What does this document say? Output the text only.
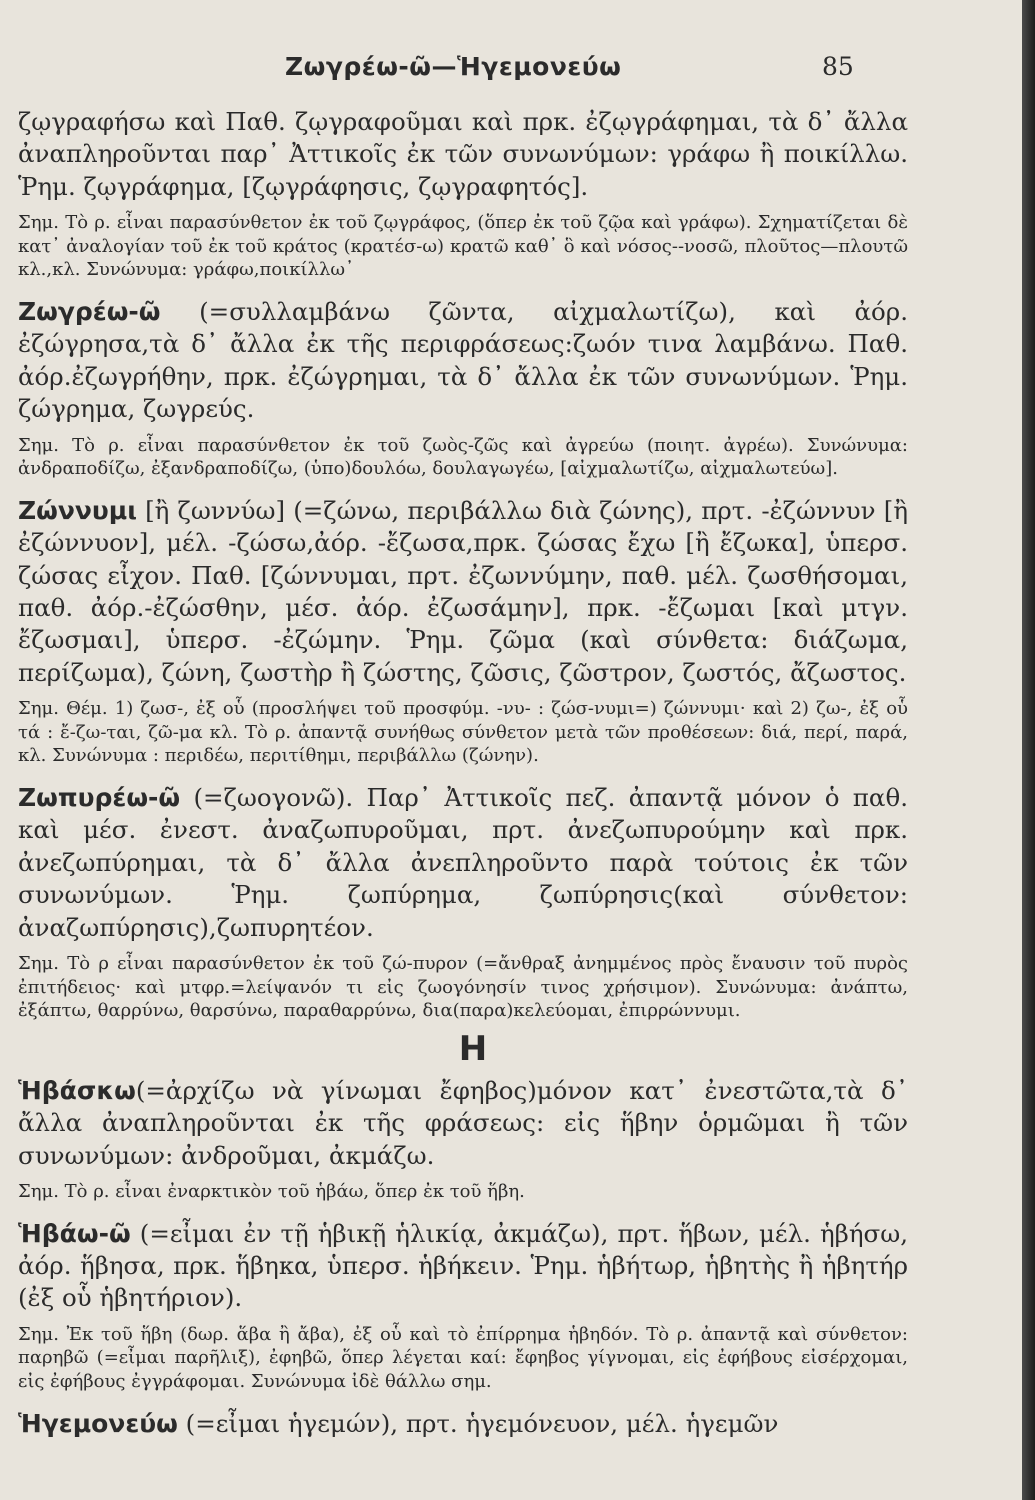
Ζωγρέω-ῶ—Ἡγεμονεύω	85

ζῳγραφήσω καὶ Παθ. ζῳγραφοῦμαι καὶ πρκ. ἐζῳγράφημαι, τὰ δ᾽ ἄλλα ἀναπληροῦνται παρ᾽ Ἀττικοῖς ἐκ τῶν συνωνύμων: γράφω ἢ ποικίλλω. Ῥημ. ζῳγράφημα, [ζῳγράφησις, ζῳγραφητός].

Σημ. Τὸ ρ. εἶναι παρασύνθετον ἐκ τοῦ ζῳγράφος, (ὅπερ ἐκ τοῦ ζῷα καὶ γράφω). Σχηματίζεται δὲ κατ᾽ ἀναλογίαν τοῦ ἐκ τοῦ κράτος (κρατέσ-ω) κρατῶ καθ᾽ ὃ καὶ νόσος--νοσῶ, πλοῦτος—πλουτῶ κλ.,κλ. Συνώνυμα: γράφω,ποικίλλω᾽

Ζωγρέω-ῶ (=συλλαμβάνω ζῶντα, αἰχμαλωτίζω), καὶ ἀόρ. ἐζώγρησα,τὰ δ᾽ ἄλλα ἐκ τῆς περιφράσεως:ζωόν τινα λαμβάνω. Παθ. ἀόρ.ἐζωγρήθην, πρκ. ἐζώγρημαι, τὰ δ᾽ ἄλλα ἐκ τῶν συνωνύμων. Ῥημ. ζώγρημα, ζωγρεύς.

Σημ. Τὸ ρ. εἶναι παρασύνθετον ἐκ τοῦ ζωὸς-ζῶς καὶ ἀγρεύω (ποιητ. ἀγρέω). Συνώνυμα: ἀνδραποδίζω, ἐξανδραποδίζω, (ὑπο)δουλόω, δουλαγωγέω, [αἰχμαλωτίζω, αἰχμαλωτεύω].

Ζώννυμι [ἢ ζωννύω] (=ζώνω, περιβάλλω διὰ ζώνης), πρτ. -ἐζώννυν [ἢ ἐζώννυον], μέλ. -ζώσω,ἀόρ. -ἔζωσα,πρκ. ζώσας ἔχω [ἢ ἔζωκα], ὑπερσ. ζώσας εἶχον. Παθ. [ζώννυμαι, πρτ. ἐζωννύμην, παθ. μέλ. ζωσθήσομαι, παθ. ἀόρ.-ἐζώσθην, μέσ. ἀόρ. ἐζωσάμην], πρκ. -ἔζωμαι [καὶ μτγν. ἔζωσμαι], ὑπερσ. -ἐζώμην. Ῥημ. ζῶμα (καὶ σύνθετα: διάζωμα, περίζωμα), ζώνη, ζωστὴρ ἢ ζώστης, ζῶσις, ζῶστρον, ζωστός, ἄζωστος.

Σημ. Θέμ. 1) ζωσ-, ἐξ οὗ (προσλήψει τοῦ προσφύμ. -νυ- : ζώσ-νυμι=) ζώννυμι· καὶ 2) ζω-, ἐξ οὗ τά : ἔ-ζω-ται, ζῶ-μα κλ. Τὸ ρ. ἀπαντᾷ συνήθως σύνθετον μετὰ τῶν προθέσεων: διά, περί, παρά, κλ. Συνώνυμα : περιδέω, περιτίθημι, περιβάλλω (ζώνην).

Ζωπυρέω-ῶ (=ζωογονῶ). Παρ᾽ Ἀττικοῖς πεζ. ἀπαντᾷ μόνον ὁ παθ. καὶ μέσ. ἐνεστ. ἀναζωπυροῦμαι, πρτ. ἀνεζωπυρούμην καὶ πρκ. ἀνεζωπύρημαι, τὰ δ᾽ ἄλλα ἀνεπληροῦντο παρὰ τούτοις ἐκ τῶν συνωνύμων. Ῥημ. ζωπύρημα, ζωπύρησις(καὶ σύνθετον: ἀναζωπύρησις),ζωπυρητέον.

Σημ. Τὸ ρ εἶναι παρασύνθετον ἐκ τοῦ ζώ-πυρον (=ἄνθραξ ἀνημμένος πρὸς ἔναυσιν τοῦ πυρὸς ἐπιτήδειος· καὶ μτφρ.=λείψανόν τι εἰς ζωογόνησίν τινος χρήσιμον). Συνώνυμα: ἀνάπτω, ἐξάπτω, θαρρύνω, θαρσύνω, παραθαρρύνω, δια(παρα)κελεύομαι, ἐπιρρώννυμι.

Η

Ἡβάσκω(=ἀρχίζω νὰ γίνωμαι ἔφηβος)μόνον κατ᾽ ἐνεστῶτα,τὰ δ᾽ ἄλλα ἀναπληροῦνται ἐκ τῆς φράσεως: εἰς ἥβην ὁρμῶμαι ἢ τῶν συνωνύμων: ἀνδροῦμαι, ἀκμάζω.

Σημ. Τὸ ρ. εἶναι ἐναρκτικὸν τοῦ ἡβάω, ὅπερ ἐκ τοῦ ἥβη.

Ἡβάω-ῶ (=εἶμαι ἐν τῇ ἡβικῇ ἡλικίᾳ, ἀκμάζω), πρτ. ἥβων, μέλ. ἡβήσω, ἀόρ. ἥβησα, πρκ. ἥβηκα, ὑπερσ. ἡβήκειν. Ῥημ. ἡβήτωρ, ἡβητὴς ἢ ἡβητήρ (ἐξ οὗ ἡβητήριον).

Σημ. Ἐκ τοῦ ἥβη (δωρ. ἅβα ἢ ἄβα), ἐξ οὗ καὶ τὸ ἐπίρρημα ἡβηδόν. Τὸ ρ. ἀπαντᾷ καὶ σύνθετον: παρηβῶ (=εἶμαι παρῆλιξ), ἐφηβῶ, ὅπερ λέγεται καί: ἔφηβος γίγνομαι, εἰς ἐφήβους εἰσέρχομαι, εἰς ἐφήβους ἐγγράφομαι. Συνώνυμα ἰδὲ θάλλω σημ.

Ἡγεμονεύω (=εἶμαι ἡγεμών), πρτ. ἡγεμόνευον, μέλ. ἡγεμῶν
